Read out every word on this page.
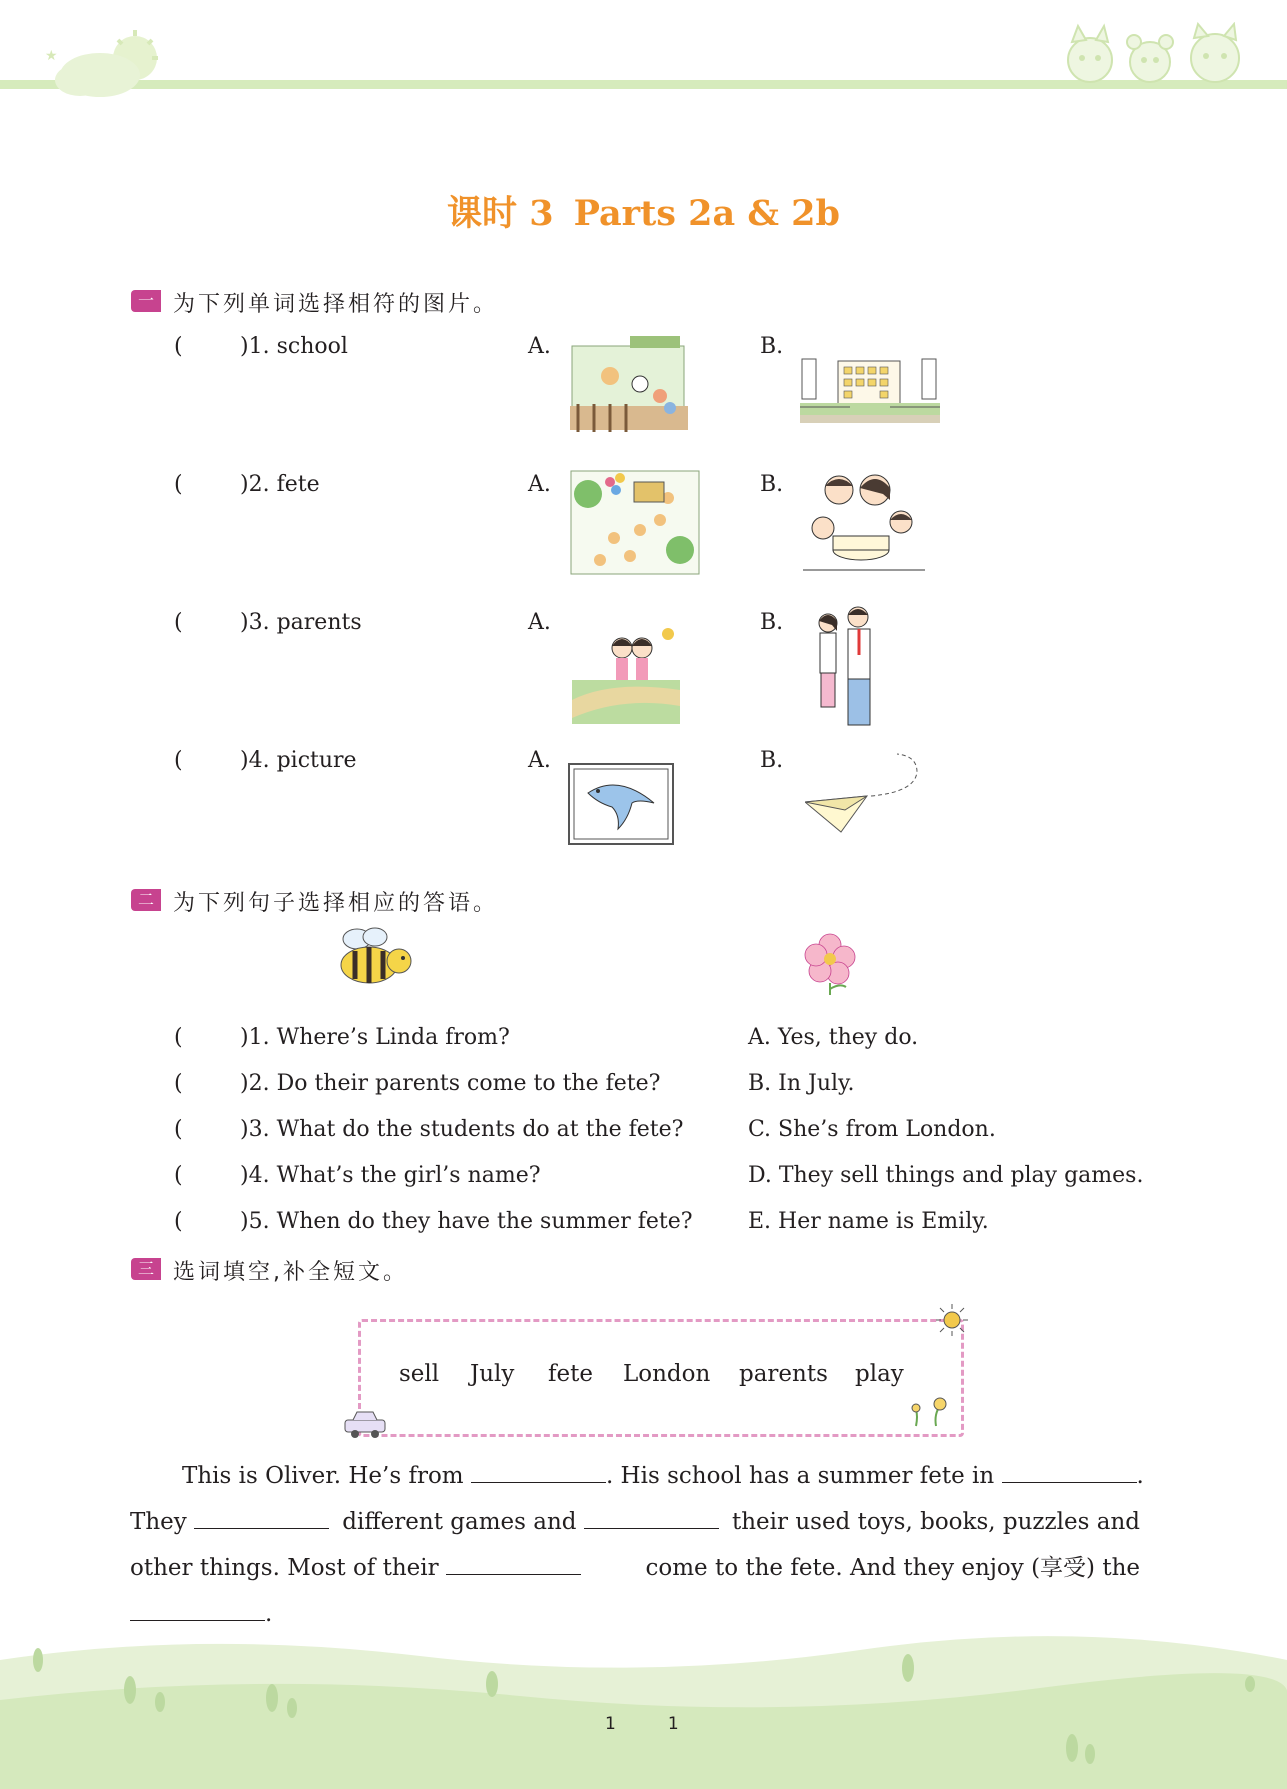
★
课时 3 Parts 2a & 2b
一 为下列单词选择相符的图片。
(	)1. school	A.	B.
(	)2. fete	A.	B.
(	)3. parents	A.	B.
(	)4. picture	A.	B.
二 为下列句子选择相应的答语。
(	)1. Where’s Linda from?	A. Yes, they do.
(	)2. Do their parents come to the fete?	B. In July.
(	)3. What do the students do at the fete?	C. She’s from London.
(	)4. What’s the girl’s name?	D. They sell things and play games.
(	)5. When do they have the summer fete?	E. Her name is Emily.
三 选词填空,补全短文。
sell July fete London parents play
This is Oliver. He’s from	. His school has a summer fete in	.
They	different games and	their used toys, books, puzzles and
other things. Most of their	come to the fete. And they enjoy (享受) the
.
11
